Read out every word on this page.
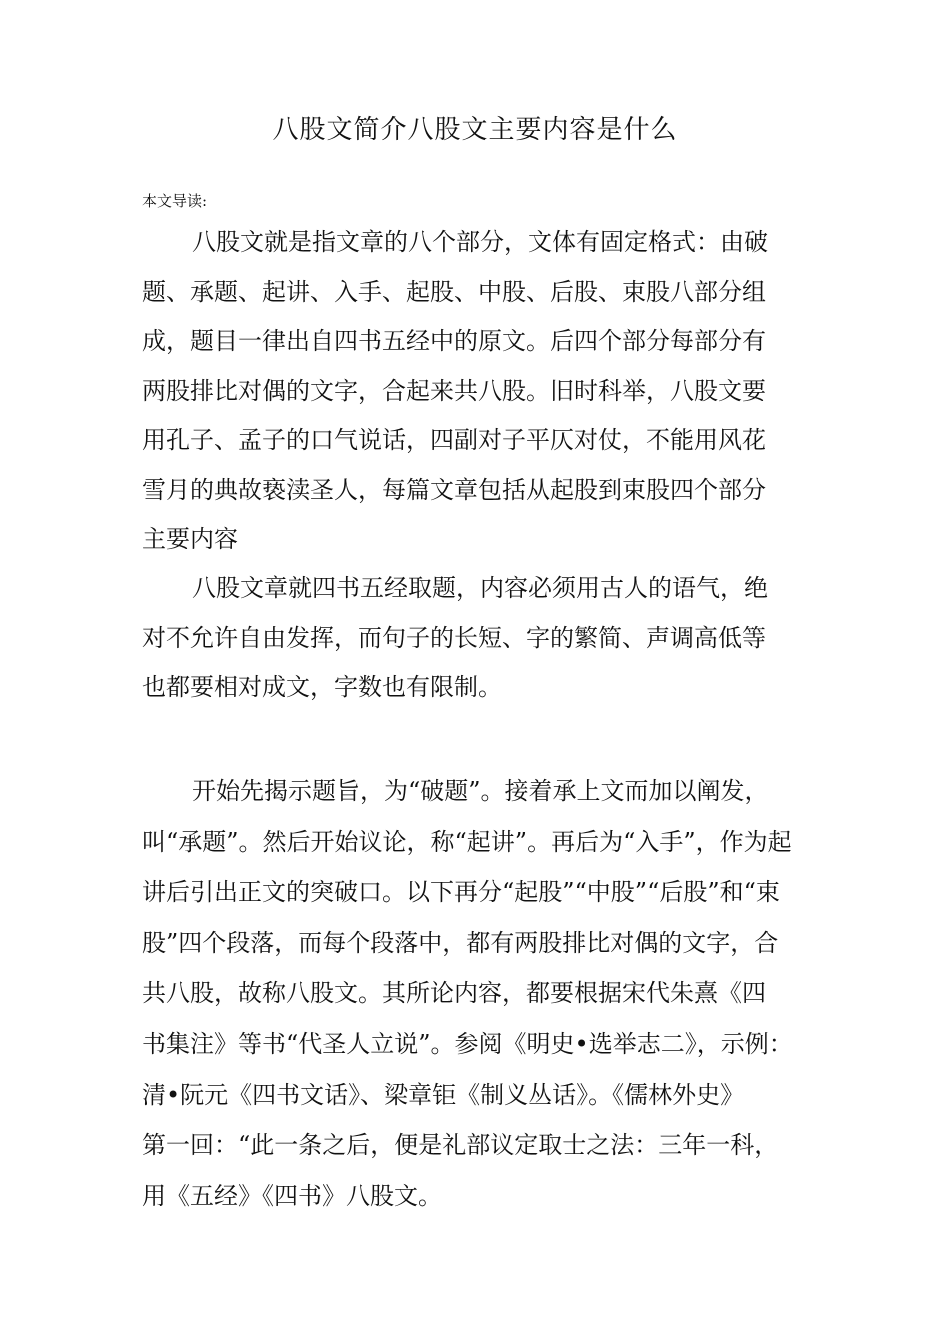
八股文简介八股文主要内容是什么
本文导读:
八股文就是指文章的八个部分，文体有固定格式：由破
题、承题、起讲、入手、起股、中股、后股、束股八部分组
成，题目一律出自四书五经中的原文。后四个部分每部分有
两股排比对偶的文字，合起来共八股。旧时科举，八股文要
用孔子、孟子的口气说话，四副对子平仄对仗，不能用风花
雪月的典故亵渎圣人，每篇文章包括从起股到束股四个部分
主要内容
八股文章就四书五经取题，内容必须用古人的语气，绝
对不允许自由发挥，而句子的长短、字的繁简、声调高低等
也都要相对成文，字数也有限制。
开始先揭示题旨，为“破题”。接着承上文而加以阐发，
叫“承题”。然后开始议论，称“起讲”。再后为“入手”，作为起
讲后引出正文的突破口。以下再分“起股”“中股”“后股”和“束
股”四个段落，而每个段落中，都有两股排比对偶的文字，合
共八股，故称八股文。其所论内容，都要根据宋代朱熹《四
书集注》等书“代圣人立说”。参阅《明史•选举志二》，示例：
清•阮元《四书文话》、梁章钜《制义丛话》。《儒林外史》
第一回：“此一条之后，便是礼部议定取士之法：三年一科，
用《五经》《四书》八股文。
